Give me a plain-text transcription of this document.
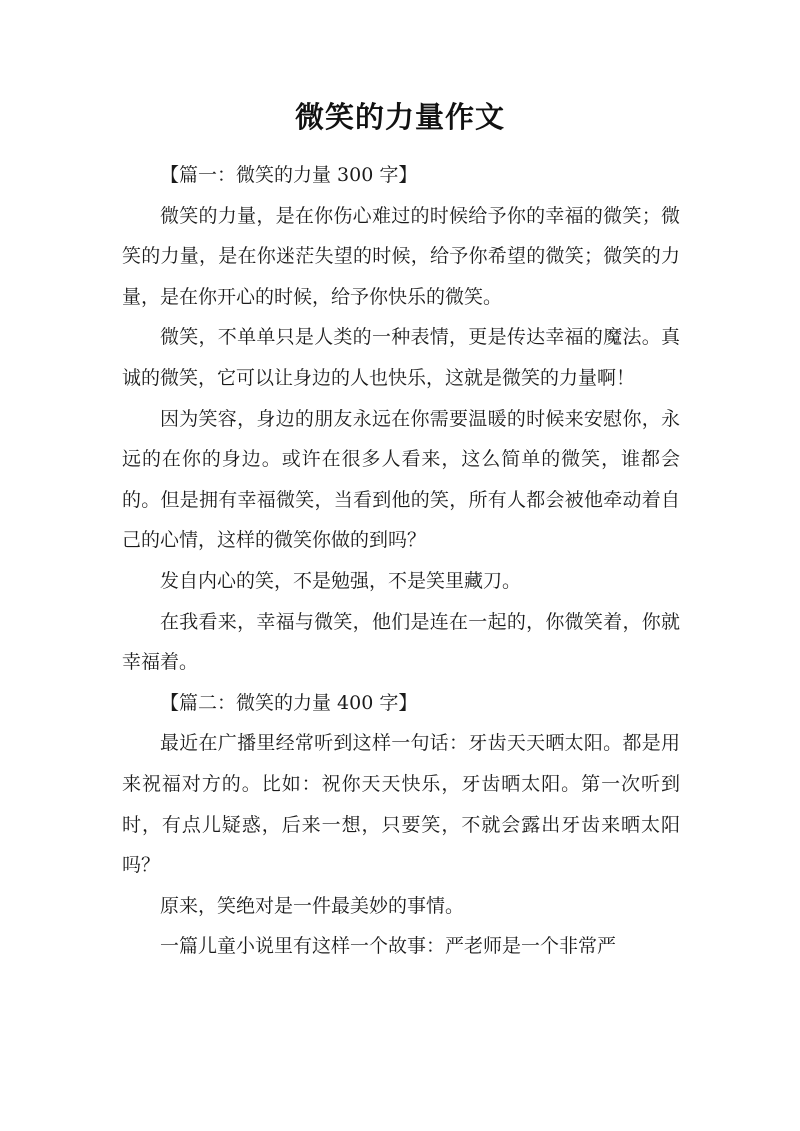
微笑的力量作文

【篇一：微笑的力量 300 字】

微笑的力量，是在你伤心难过的时候给予你的幸福的微笑；微笑的力量，是在你迷茫失望的时候，给予你希望的微笑；微笑的力量，是在你开心的时候，给予你快乐的微笑。

微笑，不单单只是人类的一种表情，更是传达幸福的魔法。真诚的微笑，它可以让身边的人也快乐，这就是微笑的力量啊！

因为笑容，身边的朋友永远在你需要温暖的时候来安慰你，永远的在你的身边。或许在很多人看来，这么简单的微笑，谁都会的。但是拥有幸福微笑，当看到他的笑，所有人都会被他牵动着自己的心情，这样的微笑你做的到吗？

发自内心的笑，不是勉强，不是笑里藏刀。

在我看来，幸福与微笑，他们是连在一起的，你微笑着，你就幸福着。

【篇二：微笑的力量 400 字】

最近在广播里经常听到这样一句话：牙齿天天晒太阳。都是用来祝福对方的。比如：祝你天天快乐，牙齿晒太阳。第一次听到时，有点儿疑惑，后来一想，只要笑，不就会露出牙齿来晒太阳吗？

原来，笑绝对是一件最美妙的事情。

一篇儿童小说里有这样一个故事：严老师是一个非常严
